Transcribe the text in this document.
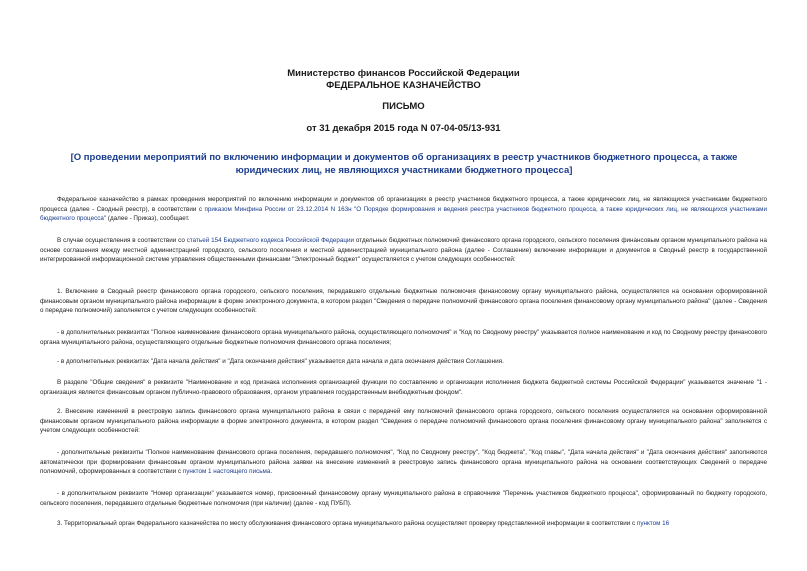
Министерство финансов Российской Федерации
ФЕДЕРАЛЬНОЕ КАЗНАЧЕЙСТВО
ПИСЬМО
от 31 декабря 2015 года N 07-04-05/13-931
[О проведении мероприятий по включению информации и документов об организациях в реестр участников бюджетного процесса, а также юридических лиц, не являющихся участниками бюджетного процесса]
Федеральное казначейство в рамках проведения мероприятий по включению информации и документов об организациях в реестр участников бюджетного процесса, а также юридических лиц, не являющихся участниками бюджетного процесса (далее - Сводный реестр), в соответствии с приказом Минфина России от 23.12.2014 N 163н "О Порядке формирования и ведения реестра участников бюджетного процесса, а также юридических лиц, не являющихся участниками бюджетного процесса" (далее - Приказ), сообщает.
В случае осуществления в соответствии со статьей 154 Бюджетного кодекса Российской Федерации отдельных бюджетных полномочий финансового органа городского, сельского поселения финансовым органом муниципального района на основе соглашения между местной администрацией городского, сельского поселения и местной администрацией муниципального района (далее - Соглашение) включение информации и документов в Сводный реестр в государственной интегрированной информационной системе управления общественными финансами "Электронный бюджет" осуществляется с учетом следующих особенностей:
1. Включение в Сводный реестр финансового органа городского, сельского поселения, передавшего отдельные бюджетные полномочия финансовому органу муниципального района, осуществляется на основании сформированной финансовым органом муниципального района информации в форме электронного документа, в котором раздел "Сведения о передаче полномочий финансового органа поселения финансовому органу муниципального района" (далее - Сведения о передаче полномочий) заполняется с учетом следующих особенностей:
- в дополнительных реквизитах "Полное наименование финансового органа муниципального района, осуществляющего полномочия" и "Код по Сводному реестру" указывается полное наименование и код по Сводному реестру финансового органа муниципального района, осуществляющего отдельные бюджетные полномочия финансового органа поселения;
- в дополнительных реквизитах "Дата начала действия" и "Дата окончания действия" указывается дата начала и дата окончания действия Соглашения.
В разделе "Общие сведения" в реквизите "Наименование и код признака исполнения организацией функции по составлению и организации исполнения бюджета бюджетной системы Российской Федерации" указывается значение "1 - организация является финансовым органом публично-правового образования, органом управления государственным внебюджетным фондом".
2. Внесение изменений в реестровую запись финансового органа муниципального района в связи с передачей ему полномочий финансового органа городского, сельского поселения осуществляется на основании сформированной финансовым органом муниципального района информации в форме электронного документа, в котором раздел "Сведения о передаче полномочий финансового органа поселения финансовому органу муниципального района" заполняется с учетом следующих особенностей:
- дополнительные реквизиты "Полное наименование финансового органа поселения, передавшего полномочия", "Код по Сводному реестру", "Код бюджета", "Код главы", "Дата начала действия" и "Дата окончания действия" заполняются автоматически при формировании финансовым органом муниципального района заявки на внесение изменений в реестровую запись финансового органа муниципального района на основании соответствующих Сведений о передаче полномочий, сформированных в соответствии с пунктом 1 настоящего письма.
- в дополнительном реквизите "Номер организации" указывается номер, присвоенный финансовому органу муниципального района в справочнике "Перечень участников бюджетного процесса", сформированный по бюджету городского, сельского поселения, передавшего отдельные бюджетные полномочия (при наличии) (далее - код ПУБП).
3. Территориальный орган Федерального казначейства по месту обслуживания финансового органа муниципального района осуществляет проверку представленной информации в соответствии с пунктом 16
